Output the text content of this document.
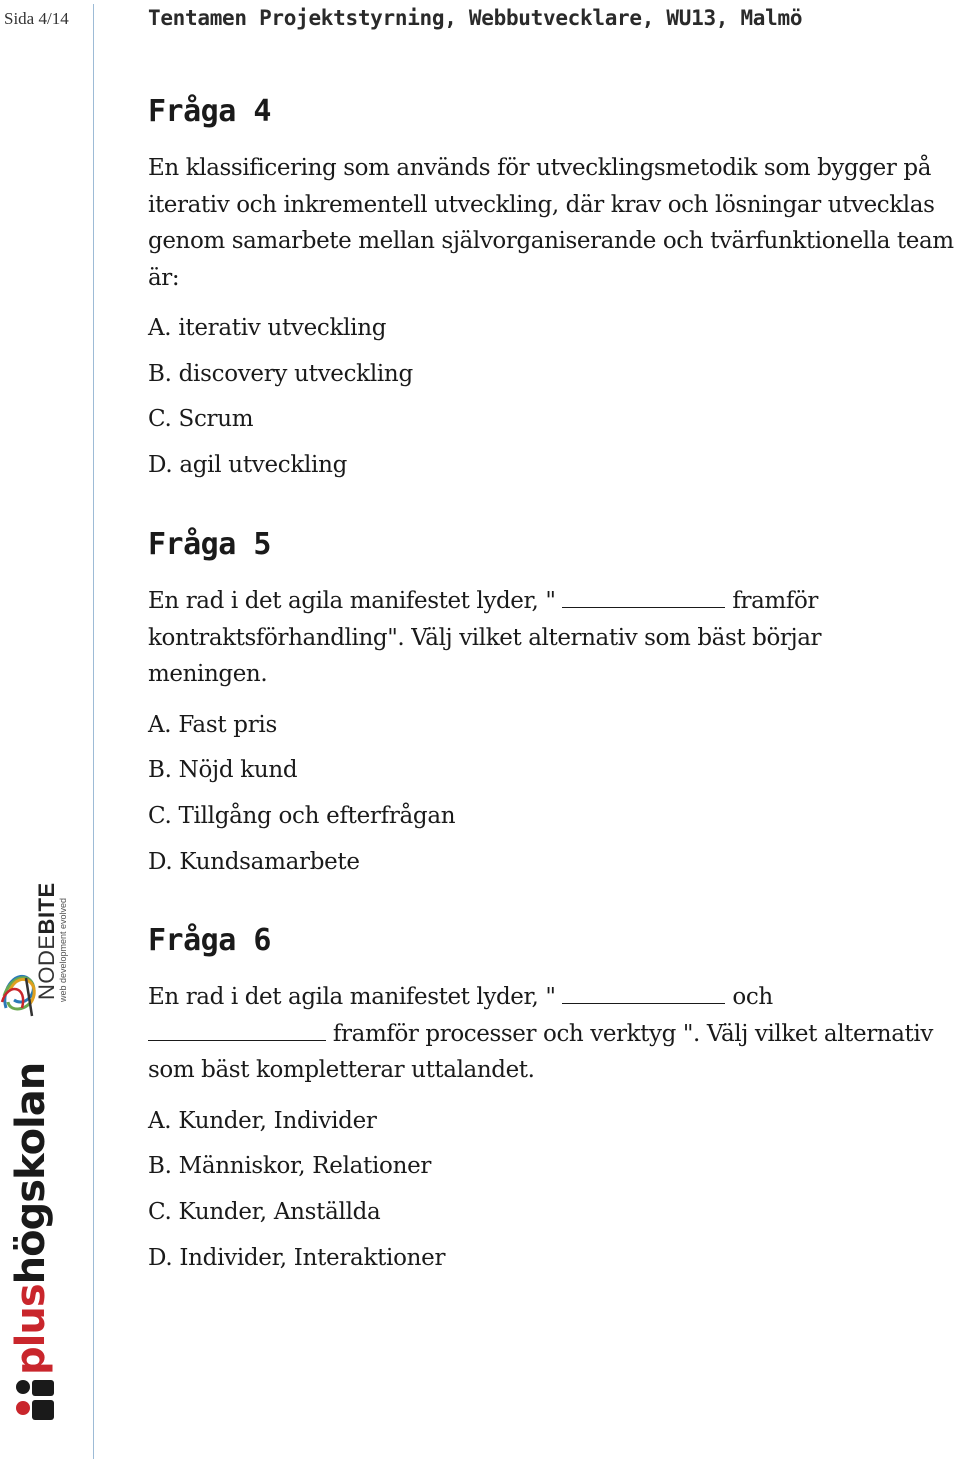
Sida 4/14	Tentamen Projektstyrning, Webbutvecklare, WU13, Malmö
Fråga 4

En klassificering som används för utvecklingsmetodik som bygger på iterativ och inkrementell utveckling, där krav och lösningar utvecklas genom samarbete mellan självorganiserande och tvärfunktionella team är:

A. iterativ utveckling
B. discovery utveckling
C. Scrum
D. agil utveckling
Fråga 5

En rad i det agila manifestet lyder, "	framför kontraktsförhandling". Välj vilket alternativ som bäst börjar meningen.

A. Fast pris
B. Nöjd kund
C. Tillgång och efterfrågan
D. Kundsamarbete
Fråga 6

En rad i det agila manifestet lyder, "	och  framför processer och verktyg ". Välj vilket alternativ som bäst kompletterar uttalandet.

A. Kunder, Individer
B. Människor, Relationer
C. Kunder, Anställda
D. Individer, Interaktioner
NODEBITE web development evolved
plushögskolan
